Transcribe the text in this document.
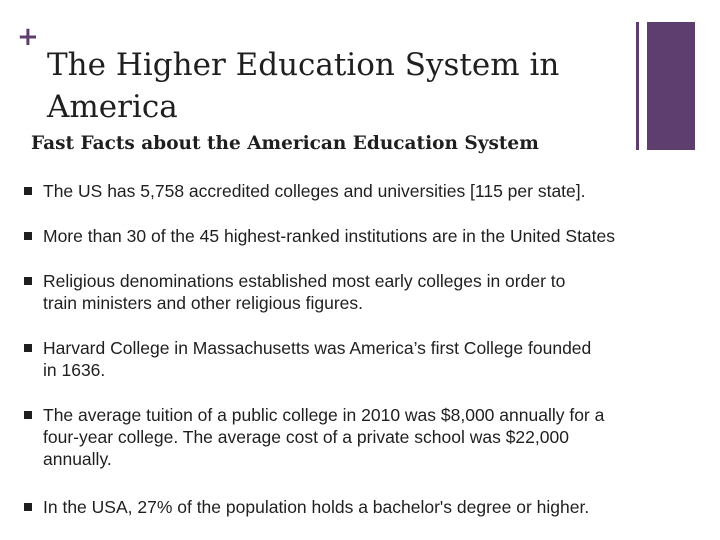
+
The Higher Education System in
America
Fast Facts about the American Education System
The US has 5,758 accredited colleges and universities [115 per state].
More than 30 of the 45 highest-ranked institutions are in the United States
Religious denominations established most early colleges in order to
train ministers and other religious figures.
Harvard College in Massachusetts was America’s first College founded
in 1636.
The average tuition of a public college in 2010 was $8,000 annually for a
four-year college. The average cost of a private school was $22,000
annually.
In the USA, 27% of the population holds a bachelor's degree or higher.
